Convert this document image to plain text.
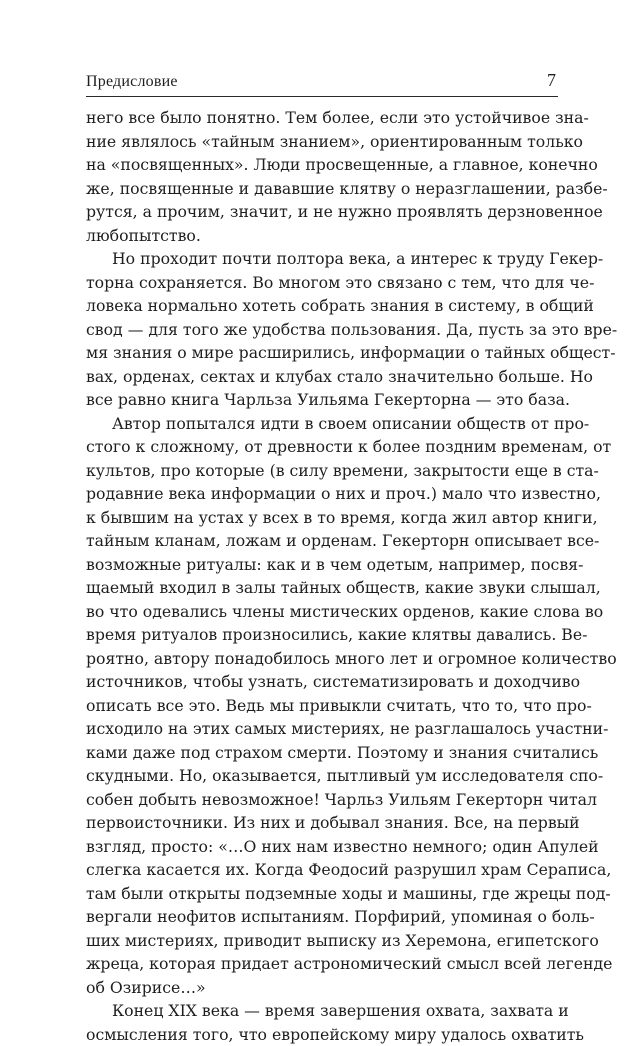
Предисловие	7
него все было понятно. Тем более, если это устойчивое зна-
ние являлось «тайным знанием», ориентированным только
на «посвященных». Люди просвещенные, а главное, конечно
же, посвященные и дававшие клятву о неразглашении, разбе-
рутся, а прочим, значит, и не нужно проявлять дерзновенное
любопытство.
Но проходит почти полтора века, а интерес к труду Гекер-
торна сохраняется. Во многом это связано с тем, что для че-
ловека нормально хотеть собрать знания в систему, в общий
свод — для того же удобства пользования. Да, пусть за это вре-
мя знания о мире расширились, информации о тайных общест-
вах, орденах, сектах и клубах стало значительно больше. Но
все равно книга Чарльза Уильяма Гекерторна — это база.
Автор попытался идти в своем описании обществ от про-
стого к сложному, от древности к более поздним временам, от
культов, про которые (в силу времени, закрытости еще в ста-
родавние века информации о них и проч.) мало что известно,
к бывшим на устах у всех в то время, когда жил автор книги,
тайным кланам, ложам и орденам. Гекерторн описывает все-
возможные ритуалы: как и в чем одетым, например, посвя-
щаемый входил в залы тайных обществ, какие звуки слышал,
во что одевались члены мистических орденов, какие слова во
время ритуалов произносились, какие клятвы давались. Ве-
роятно, автору понадобилось много лет и огромное количество
источников, чтобы узнать, систематизировать и доходчиво
описать все это. Ведь мы привыкли считать, что то, что про-
исходило на этих самых мистериях, не разглашалось участни-
ками даже под страхом смерти. Поэтому и знания считались
скудными. Но, оказывается, пытливый ум исследователя спо-
собен добыть невозможное! Чарльз Уильям Гекерторн читал
первоисточники. Из них и добывал знания. Все, на первый
взгляд, просто: «…О них нам известно немного; один Апулей
слегка касается их. Когда Феодосий разрушил храм Сераписа,
там были открыты подземные ходы и машины, где жрецы под-
вергали неофитов испытаниям. Порфирий, упоминая о боль-
ших мистериях, приводит выписку из Херемона, египетского
жреца, которая придает астрономический смысл всей легенде
об Озирисе…»
Конец XIX века — время завершения охвата, захвата и
осмысления того, что европейскому миру удалось охватить
